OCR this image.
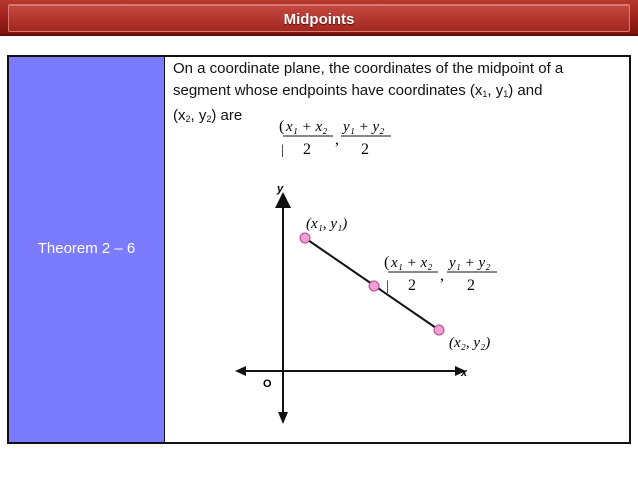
Midpoints
Theorem 2 – 6
On a coordinate plane, the coordinates of the midpoint of a
segment whose endpoints have coordinates ($x_1$, $y_1$) and
($x_2$, $y_2$) are
( x₁ + x₂
2
|
,
y₁ + y₂
2
y
x
O
(x₁, y₁)
(x₂, y₂)
( x₁ + x₂
2
|
,
y₁ + y₂
2
